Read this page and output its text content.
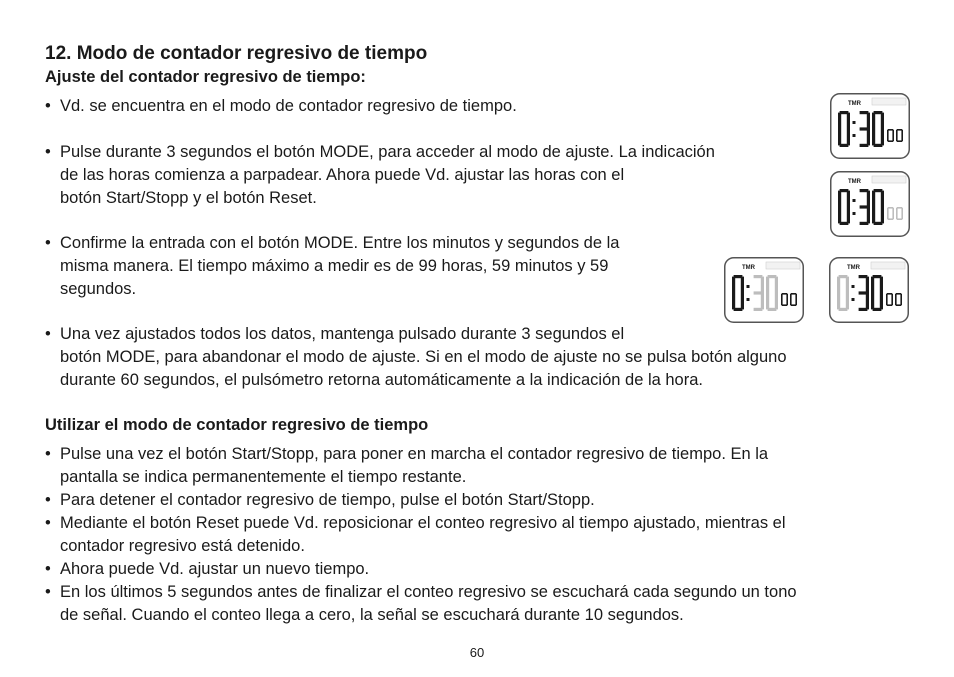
12. Modo de contador regresivo de tiempo
Ajuste del contador regresivo de tiempo:

• Vd. se encuentra en el modo de contador regresivo de tiempo.

• Pulse durante 3 segundos el botón MODE, para acceder al modo de ajuste. La indicación
de las horas comienza a parpadear. Ahora puede Vd. ajustar las horas con el
botón Start/Stopp y el botón Reset.

• Confirme la entrada con el botón MODE. Entre los minutos y segundos de la
misma manera. El tiempo máximo a medir es de 99 horas, 59 minutos y 59
segundos.

• Una vez ajustados todos los datos, mantenga pulsado durante 3 segundos el
botón MODE, para abandonar el modo de ajuste. Si en el modo de ajuste no se pulsa botón alguno
durante 60 segundos, el pulsómetro retorna automáticamente a la indicación de la hora.

Utilizar el modo de contador regresivo de tiempo

• Pulse una vez el botón Start/Stopp, para poner en marcha el contador regresivo de tiempo. En la
pantalla se indica permanentemente el tiempo restante.

• Para detener el contador regresivo de tiempo, pulse el botón Start/Stopp.

• Mediante el botón Reset puede Vd. reposicionar el conteo regresivo al tiempo ajustado, mientras el
contador regresivo está detenido.

• Ahora puede Vd. ajustar un nuevo tiempo.

• En los últimos 5 segundos antes de finalizar el conteo regresivo se escuchará cada segundo un tono
de señal. Cuando el conteo llega a cero, la señal se escuchará durante 10 segundos.

TMR
TMR
TMR	TMR

60
